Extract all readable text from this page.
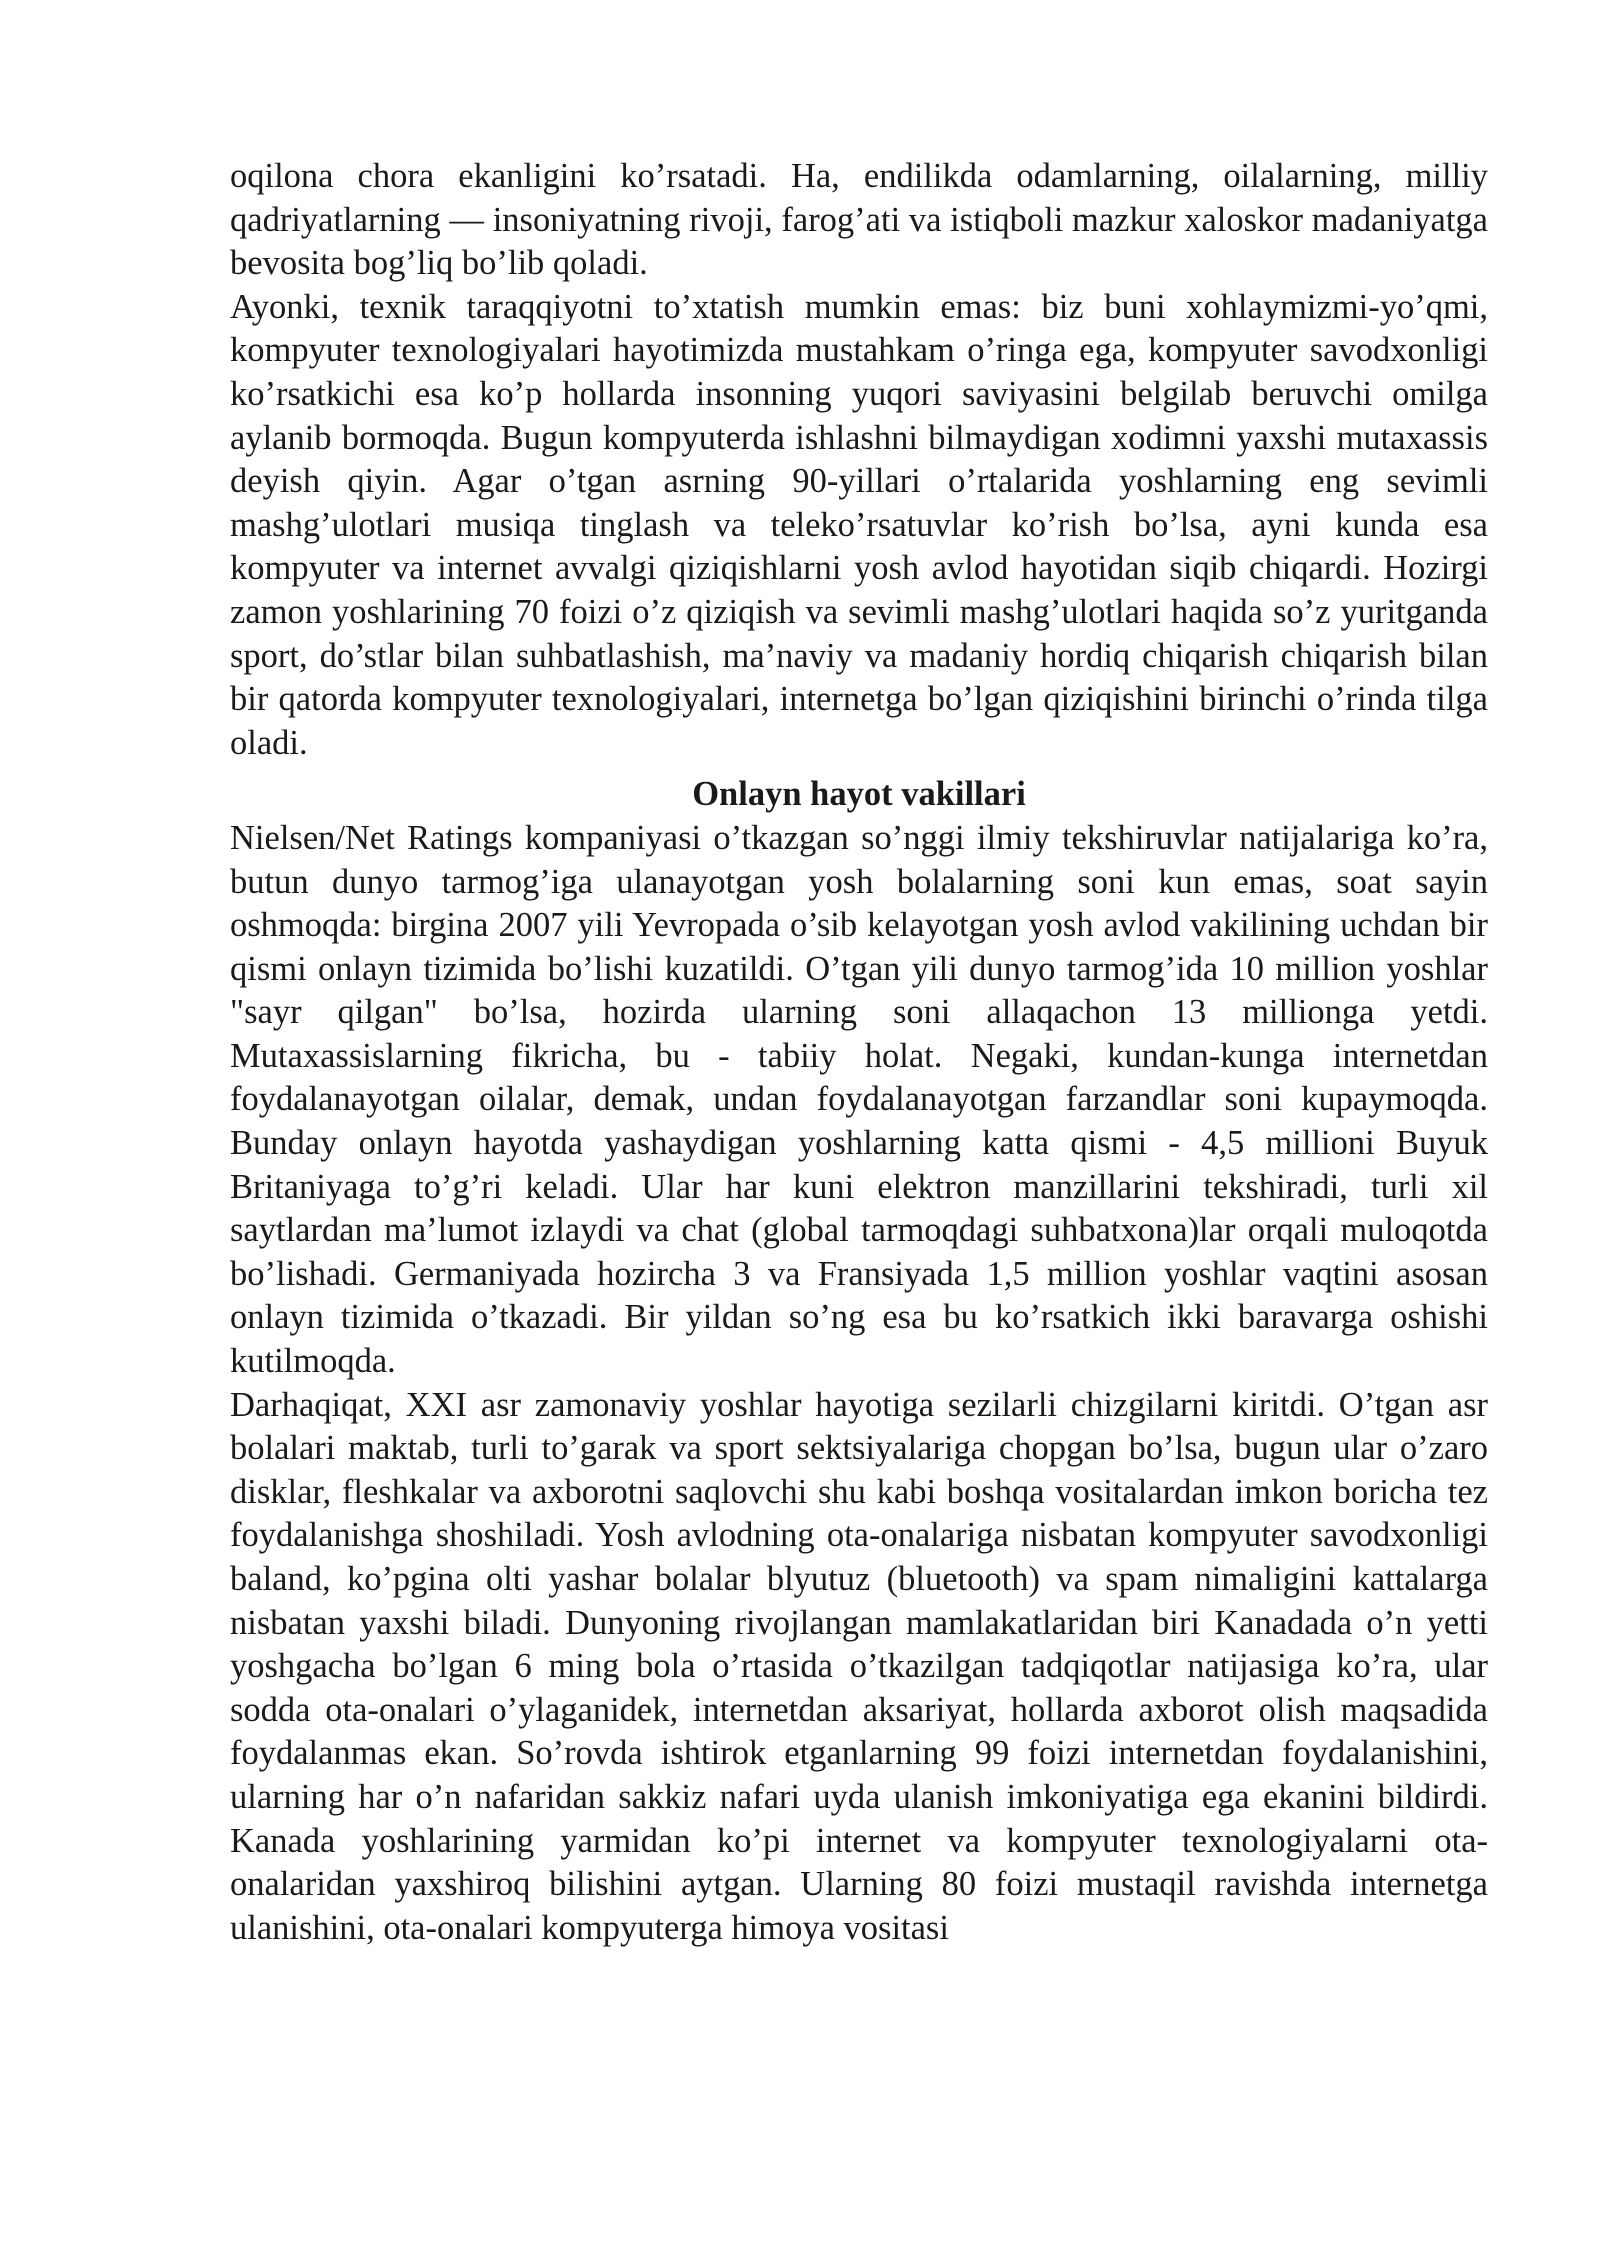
oqilona chora ekanligini ko’rsatadi. Ha, endilikda odamlarning, oilalarning, milliy qadriyatlarning — insoniyatning rivoji, farog’ati va istiqboli mazkur xaloskor madaniyatga bevosita bog’liq bo’lib qoladi.

Ayonki, texnik taraqqiyotni to’xtatish mumkin emas: biz buni xohlaymizmi-yo’qmi, kompyuter texnologiyalari hayotimizda mustahkam o’ringa ega, kompyuter savodxonligi ko’rsatkichi esa ko’p hollarda insonning yuqori saviyasini belgilab beruvchi omilga aylanib bormoqda. Bugun kompyuterda ishlashni bilmaydigan xodimni yaxshi mutaxassis deyish qiyin. Agar o’tgan asrning 90-yillari o’rtalarida yoshlarning eng sevimli mashg’ulotlari musiqa tinglash va teleko’rsatuvlar ko’rish bo’lsa, ayni kunda esa kompyuter va internet avvalgi qiziqishlarni yosh avlod hayotidan siqib chiqardi. Hozirgi zamon yoshlarining 70 foizi o’z qiziqish va sevimli mashg’ulotlari haqida so’z yuritganda sport, do’stlar bilan suhbatlashish, ma’naviy va madaniy hordiq chiqarish chiqarish bilan bir qatorda kompyuter texnologiyalari, internetga bo’lgan qiziqishini birinchi o’rinda tilga oladi.

Onlayn hayot vakillari

Nielsen/Net Ratings kompaniyasi o’tkazgan so’nggi ilmiy tekshiruvlar natijalariga ko’ra, butun dunyo tarmog’iga ulanayotgan yosh bolalarning soni kun emas, soat sayin oshmoqda: birgina 2007 yili Yevropada o’sib kelayotgan yosh avlod vakilining uchdan bir qismi onlayn tizimida bo’lishi kuzatildi. O’tgan yili dunyo tarmog’ida 10 million yoshlar "sayr qilgan" bo’lsa, hozirda ularning soni allaqachon 13 millionga yetdi. Mutaxassislarning fikricha, bu - tabiiy holat. Negaki, kundan-kunga internetdan foydalanayotgan oilalar, demak, undan foydalanayotgan farzandlar soni kupaymoqda. Bunday onlayn hayotda yashaydigan yoshlarning katta qismi - 4,5 millioni Buyuk Britaniyaga to’g’ri keladi. Ular har kuni elektron manzillarini tekshiradi, turli xil saytlardan ma’lumot izlaydi va chat (global tarmoqdagi suhbatxona)lar orqali muloqotda bo’lishadi. Germaniyada hozircha 3 va Fransiyada 1,5 million yoshlar vaqtini asosan onlayn tizimida o’tkazadi. Bir yildan so’ng esa bu ko’rsatkich ikki baravarga oshishi kutilmoqda.

Darhaqiqat, XXI asr zamonaviy yoshlar hayotiga sezilarli chizgilarni kiritdi. O’tgan asr bolalari maktab, turli to’garak va sport sektsiyalariga chopgan bo’lsa, bugun ular o’zaro disklar, fleshkalar va axborotni saqlovchi shu kabi boshqa vositalardan imkon boricha tez foydalanishga shoshiladi. Yosh avlodning ota-onalariga nisbatan kompyuter savodxonligi baland, ko’pgina olti yashar bolalar blyutuz (bluetooth) va spam nimaligini kattalarga nisbatan yaxshi biladi. Dunyoning rivojlangan mamlakatlaridan biri Kanadada o’n yetti yoshgacha bo’lgan 6 ming bola o’rtasida o’tkazilgan tadqiqotlar natijasiga ko’ra, ular sodda ota-onalari o’ylaganidek, internetdan aksariyat, hollarda axborot olish maqsadida foydalanmas ekan. So’rovda ishtirok etganlarning 99 foizi internetdan foydalanishini, ularning har o’n nafaridan sakkiz nafari uyda ulanish imkoniyatiga ega ekanini bildirdi. Kanada yoshlarining yarmidan ko’pi internet va kompyuter texnologiyalarni ota-onalaridan yaxshiroq bilishini aytgan. Ularning 80 foizi mustaqil ravishda internetga ulanishini, ota-onalari kompyuterga himoya vositasi
